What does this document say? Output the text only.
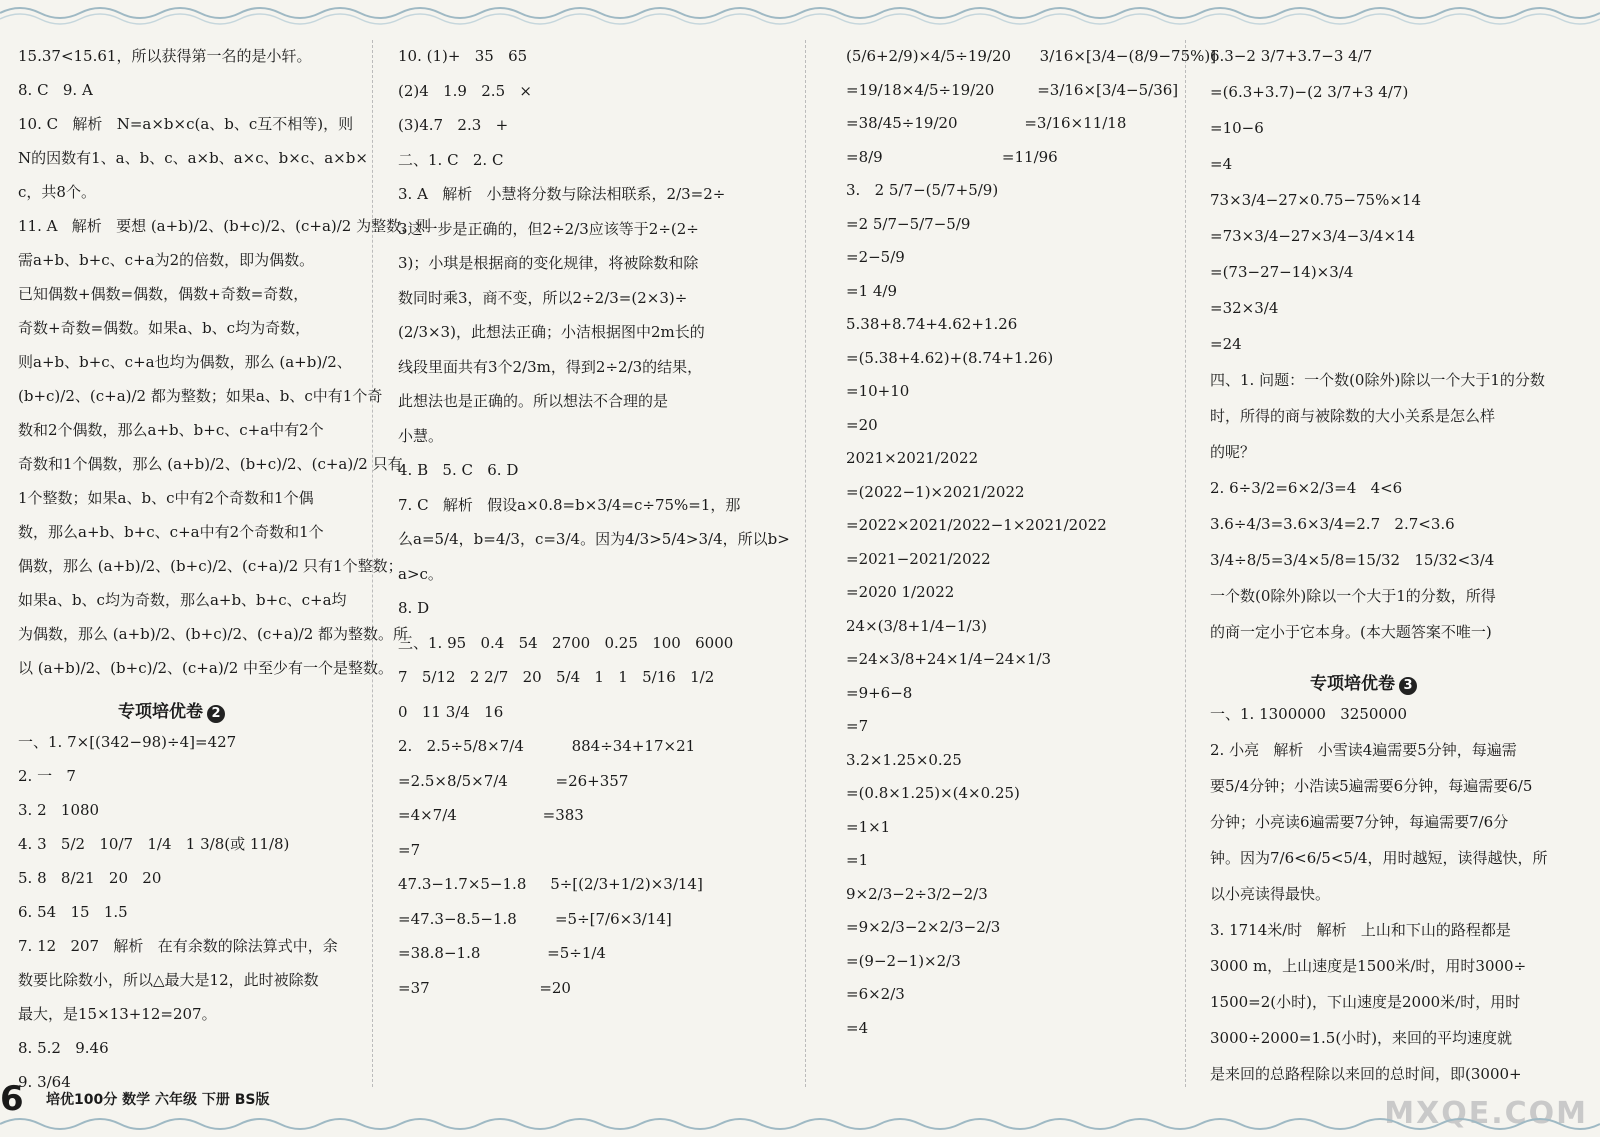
15.37<15.61，所以获得第一名的是小轩。
8. C   9. A
10. C   解析   N=a×b×c(a、b、c互不相等)，则
N的因数有1、a、b、c、a×b、a×c、b×c、a×b×
c，共8个。
11. A   解析   要想 (a+b)/2、(b+c)/2、(c+a)/2 为整数，则
需a+b、b+c、c+a为2的倍数，即为偶数。
已知偶数+偶数=偶数，偶数+奇数=奇数，
奇数+奇数=偶数。如果a、b、c均为奇数，
则a+b、b+c、c+a也均为偶数，那么 (a+b)/2、
(b+c)/2、(c+a)/2 都为整数；如果a、b、c中有1个奇
数和2个偶数，那么a+b、b+c、c+a中有2个
奇数和1个偶数，那么 (a+b)/2、(b+c)/2、(c+a)/2 只有
1个整数；如果a、b、c中有2个奇数和1个偶
数，那么a+b、b+c、c+a中有2个奇数和1个
偶数，那么 (a+b)/2、(b+c)/2、(c+a)/2 只有1个整数；
如果a、b、c均为奇数，那么a+b、b+c、c+a均
为偶数，那么 (a+b)/2、(b+c)/2、(c+a)/2 都为整数。所
以 (a+b)/2、(b+c)/2、(c+a)/2 中至少有一个是整数。
专项培优卷 2
一、1. 7×[(342−98)÷4]=427
2. 一   7
3. 2   1080
4. 3   5/2   10/7   1/4   1 3/8(或 11/8)
5. 8   8/21   20   20
6. 54   15   1.5
7. 12   207   解析   在有余数的除法算式中，余
数要比除数小，所以△最大是12，此时被除数
最大，是15×13+12=207。
8. 5.2   9.46
9. 3/64
10. (1)+   35   65
(2)4   1.9   2.5   ×
(3)4.7   2.3   +
二、1. C   2. C
3. A   解析   小慧将分数与除法相联系，2/3=2÷
3这一步是正确的，但2÷2/3应该等于2÷(2÷
3)；小琪是根据商的变化规律，将被除数和除
数同时乘3，商不变，所以2÷2/3=(2×3)÷
(2/3×3)，此想法正确；小洁根据图中2m长的
线段里面共有3个2/3m，得到2÷2/3的结果，
此想法也是正确的。所以想法不合理的是
小慧。
4. B   5. C   6. D
7. C   解析   假设a×0.8=b×3/4=c÷75%=1，那
么a=5/4，b=4/3，c=3/4。因为4/3>5/4>3/4，所以b>
a>c。
8. D
三、1. 95   0.4   54   2700   0.25   100   6000
7   5/12   2 2/7   20   5/4   1   1   5/16   1/2
0   11 3/4   16
2.   2.5÷5/8×7/4          884÷34+17×21
=2.5×8/5×7/4          =26+357
=4×7/4                  =383
=7
47.3−1.7×5−1.8     5÷[(2/3+1/2)×3/14]
=47.3−8.5−1.8        =5÷[7/6×3/14]
=38.8−1.8              =5÷1/4
=37                       =20
(5/6+2/9)×4/5÷19/20      3/16×[3/4−(8/9−75%)]
=19/18×4/5÷19/20         =3/16×[3/4−5/36]
=38/45÷19/20              =3/16×11/18
=8/9                         =11/96
3.   2 5/7−(5/7+5/9)
=2 5/7−5/7−5/9
=2−5/9
=1 4/9
5.38+8.74+4.62+1.26
=(5.38+4.62)+(8.74+1.26)
=10+10
=20
2021×2021/2022
=(2022−1)×2021/2022
=2022×2021/2022−1×2021/2022
=2021−2021/2022
=2020 1/2022
24×(3/8+1/4−1/3)
=24×3/8+24×1/4−24×1/3
=9+6−8
=7
3.2×1.25×0.25
=(0.8×1.25)×(4×0.25)
=1×1
=1
9×2/3−2÷3/2−2/3
=9×2/3−2×2/3−2/3
=(9−2−1)×2/3
=6×2/3
=4
6.3−2 3/7+3.7−3 4/7
=(6.3+3.7)−(2 3/7+3 4/7)
=10−6
=4
73×3/4−27×0.75−75%×14
=73×3/4−27×3/4−3/4×14
=(73−27−14)×3/4
=32×3/4
=24
四、1. 问题：一个数(0除外)除以一个大于1的分数
时，所得的商与被除数的大小关系是怎么样
的呢？
2. 6÷3/2=6×2/3=4   4<6
3.6÷4/3=3.6×3/4=2.7   2.7<3.6
3/4÷8/5=3/4×5/8=15/32   15/32<3/4
一个数(0除外)除以一个大于1的分数，所得
的商一定小于它本身。(本大题答案不唯一)
专项培优卷 3
一、1. 1300000   3250000
2. 小亮   解析   小雪读4遍需要5分钟，每遍需
要5/4分钟；小浩读5遍需要6分钟，每遍需要6/5
分钟；小亮读6遍需要7分钟，每遍需要7/6分
钟。因为7/6<6/5<5/4，用时越短，读得越快，所
以小亮读得最快。
3. 1714米/时   解析   上山和下山的路程都是
3000 m，上山速度是1500米/时，用时3000÷
1500=2(小时)，下山速度是2000米/时，用时
3000÷2000=1.5(小时)，来回的平均速度就
是来回的总路程除以来回的总时间，即(3000+
6 培优100分 数学 六年级 下册 BS版	MXQE.COM
